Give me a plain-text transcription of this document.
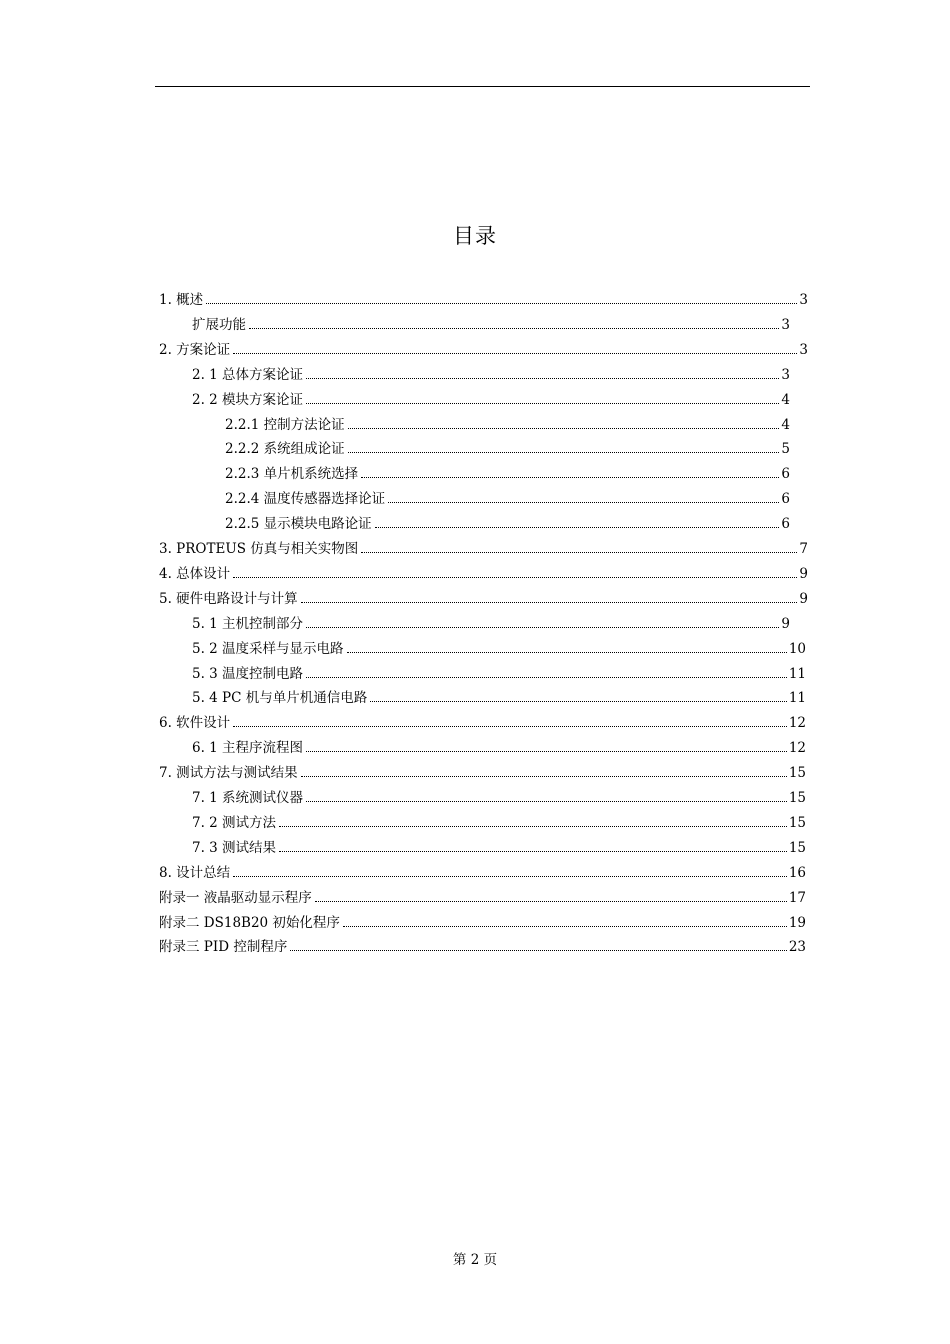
目录
1. 概述	3
扩展功能	3
2. 方案论证	3
2. 1 总体方案论证	3
2. 2 模块方案论证	4
2.2.1 控制方法论证	4
2.2.2 系统组成论证	5
2.2.3 单片机系统选择	6
2.2.4 温度传感器选择论证	6
2.2.5 显示模块电路论证	6
3. PROTEUS 仿真与相关实物图	7
4. 总体设计	9
5. 硬件电路设计与计算	9
5. 1 主机控制部分	9
5. 2 温度采样与显示电路	10
5. 3 温度控制电路	11
5. 4 PC 机与单片机通信电路	11
6. 软件设计	12
6. 1 主程序流程图	12
7. 测试方法与测试结果	15
7. 1 系统测试仪器	15
7. 2 测试方法	15
7. 3 测试结果	15
8. 设计总结	16
附录一 液晶驱动显示程序	17
附录二 DS18B20 初始化程序	19
附录三 PID 控制程序	23
第 2 页
